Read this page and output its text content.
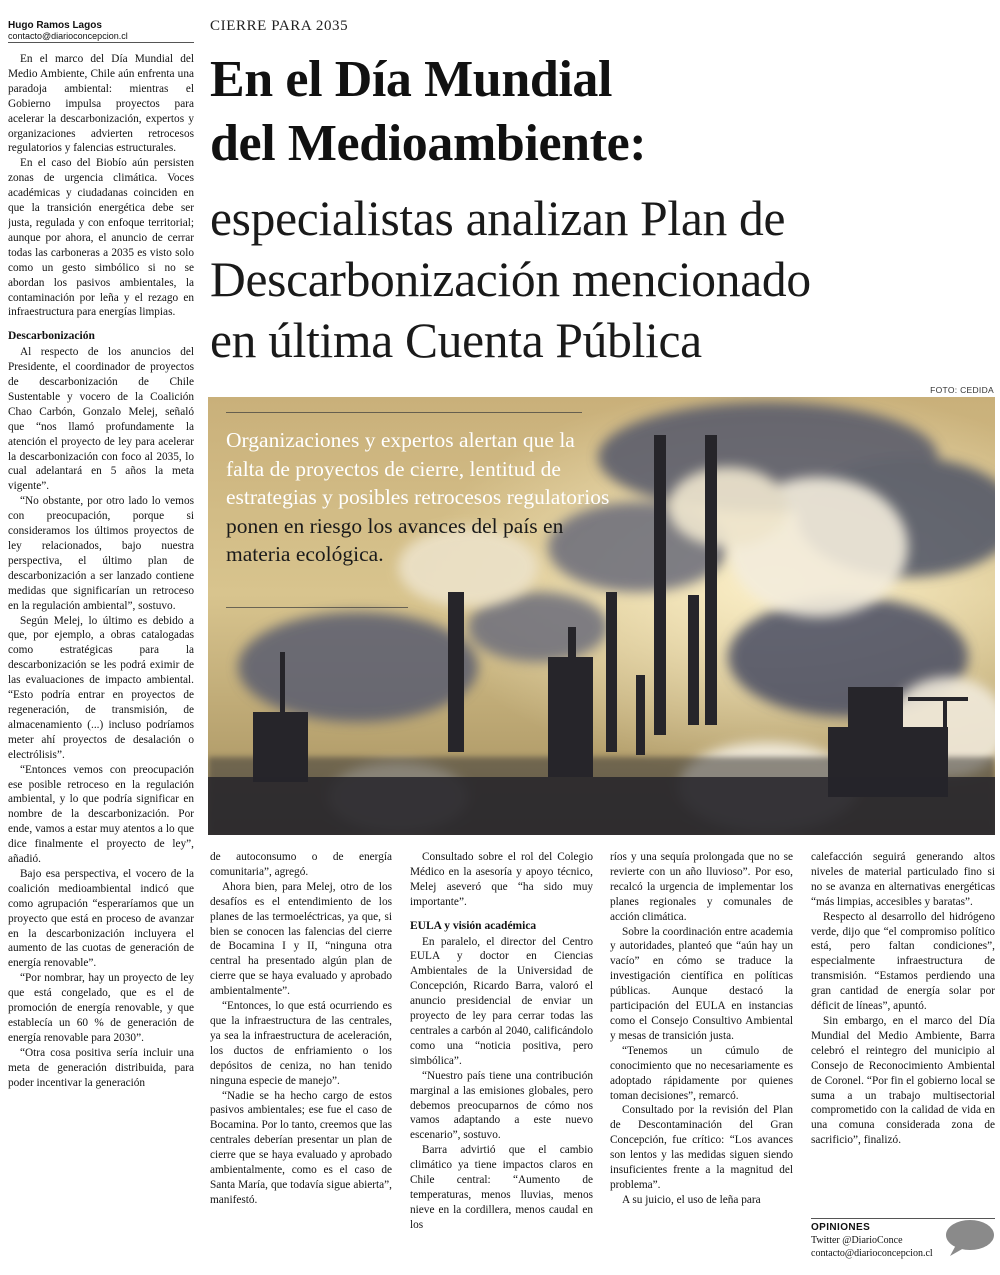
Hugo Ramos Lagos
contacto@diarioconcepcion.cl
CIERRE PARA 2035
En el Día Mundial
del Medioambiente:
especialistas analizan Plan de
Descarbonización mencionado
en última Cuenta Pública
FOTO: CEDIDA
Organizaciones y expertos alertan que la falta de proyectos de cierre, lentitud de estrategias y posibles retrocesos regulatorios ponen en riesgo los avances del país en materia ecológica.

En el marco del Día Mundial del Medio Ambiente, Chile aún enfrenta una paradoja ambiental: mientras el Gobierno impulsa proyectos para acelerar la descarbonización, expertos y organizaciones advierten retrocesos regulatorios y falencias estructurales.

En el caso del Biobío aún persisten zonas de urgencia climática. Voces académicas y ciudadanas coinciden en que la transición energética debe ser justa, regulada y con enfoque territorial; aunque por ahora, el anuncio de cerrar todas las carboneras a 2035 es visto solo como un gesto simbólico si no se abordan los pasivos ambientales, la contaminación por leña y el rezago en infraestructura para energías limpias.

Descarbonización

Al respecto de los anuncios del Presidente, el coordinador de proyectos de descarbonización de Chile Sustentable y vocero de la Coalición Chao Carbón, Gonzalo Melej, señaló que “nos llamó profundamente la atención el proyecto de ley para acelerar la descarbonización con foco al 2035, lo cual adelantará en 5 años la meta vigente”.

“No obstante, por otro lado lo vemos con preocupación, porque si consideramos los últimos proyectos de ley relacionados, bajo nuestra perspectiva, el último plan de descarbonización a ser lanzado contiene medidas que significarían un retroceso en la regulación ambiental”, sostuvo.

Según Melej, lo último es debido a que, por ejemplo, a obras catalogadas como estratégicas para la descarbonización se les podrá eximir de las evaluaciones de impacto ambiental. “Esto podría entrar en proyectos de regeneración, de transmisión, de almacenamiento (...) incluso podríamos meter ahí proyectos de desalación o electrólisis”.

“Entonces vemos con preocupación ese posible retroceso en la regulación ambiental, y lo que podría significar en nombre de la descarbonización. Por ende, vamos a estar muy atentos a lo que dice finalmente el proyecto de ley”, añadió.

Bajo esa perspectiva, el vocero de la coalición medioambiental indicó que como agrupación “esperaríamos que un proyecto que está en proceso de avanzar en la descarbonización incluyera el aumento de las cuotas de generación de energía renovable”.

“Por nombrar, hay un proyecto de ley que está congelado, que es el de promoción de energía renovable, y que establecía un 60 % de generación de energía renovable para 2030”.

“Otra cosa positiva sería incluir una meta de generación distribuida, para poder incentivar la generación

de autoconsumo o de energía comunitaria”, agregó.

Ahora bien, para Melej, otro de los desafíos es el entendimiento de los planes de las termoeléctricas, ya que, si bien se conocen las falencias del cierre de Bocamina I y II, “ninguna otra central ha presentado algún plan de cierre que se haya evaluado y aprobado ambientalmente”.

“Entonces, lo que está ocurriendo es que la infraestructura de las centrales, ya sea la infraestructura de aceleración, los ductos de enfriamiento o los depósitos de ceniza, no han tenido ninguna especie de manejo”.

“Nadie se ha hecho cargo de estos pasivos ambientales; ese fue el caso de Bocamina. Por lo tanto, creemos que las centrales deberían presentar un plan de cierre que se haya evaluado y aprobado ambientalmente, como es el caso de Santa María, que todavía sigue abierta”, manifestó.

Consultado sobre el rol del Colegio Médico en la asesoría y apoyo técnico, Melej aseveró que “ha sido muy importante”.

EULA y visión académica

En paralelo, el director del Centro EULA y doctor en Ciencias Ambientales de la Universidad de Concepción, Ricardo Barra, valoró el anuncio presidencial de enviar un proyecto de ley para cerrar todas las centrales a carbón al 2040, calificándolo como una “noticia positiva, pero simbólica”.

“Nuestro país tiene una contribución marginal a las emisiones globales, pero debemos preocuparnos de cómo nos vamos adaptando a este nuevo escenario”, sostuvo.

Barra advirtió que el cambio climático ya tiene impactos claros en Chile central: “Aumento de temperaturas, menos lluvias, menos nieve en la cordillera, menos caudal en los

ríos y una sequía prolongada que no se revierte con un año lluvioso”. Por eso, recalcó la urgencia de implementar los planes regionales y comunales de acción climática.

Sobre la coordinación entre academia y autoridades, planteó que “aún hay un vacío” en cómo se traduce la investigación científica en políticas públicas. Aunque destacó la participación del EULA en instancias como el Consejo Consultivo Ambiental y mesas de transición justa.

“Tenemos un cúmulo de conocimiento que no necesariamente es adoptado rápidamente por quienes toman decisiones”, remarcó.

Consultado por la revisión del Plan de Descontaminación del Gran Concepción, fue crítico: “Los avances son lentos y las medidas siguen siendo insuficientes frente a la magnitud del problema”.

A su juicio, el uso de leña para

calefacción seguirá generando altos niveles de material particulado fino si no se avanza en alternativas energéticas “más limpias, accesibles y baratas”.

Respecto al desarrollo del hidrógeno verde, dijo que “el compromiso político está, pero faltan condiciones”, especialmente infraestructura de transmisión. “Estamos perdiendo una gran cantidad de energía solar por déficit de líneas”, apuntó.

Sin embargo, en el marco del Día Mundial del Medio Ambiente, Barra celebró el reintegro del municipio al Consejo de Reconocimiento Ambiental de Coronel. “Por fin el gobierno local se suma a un trabajo multisectorial comprometido con la calidad de vida en una comuna considerada zona de sacrificio”, finalizó.

OPINIONES
Twitter @DiarioConce
contacto@diarioconcepcion.cl
